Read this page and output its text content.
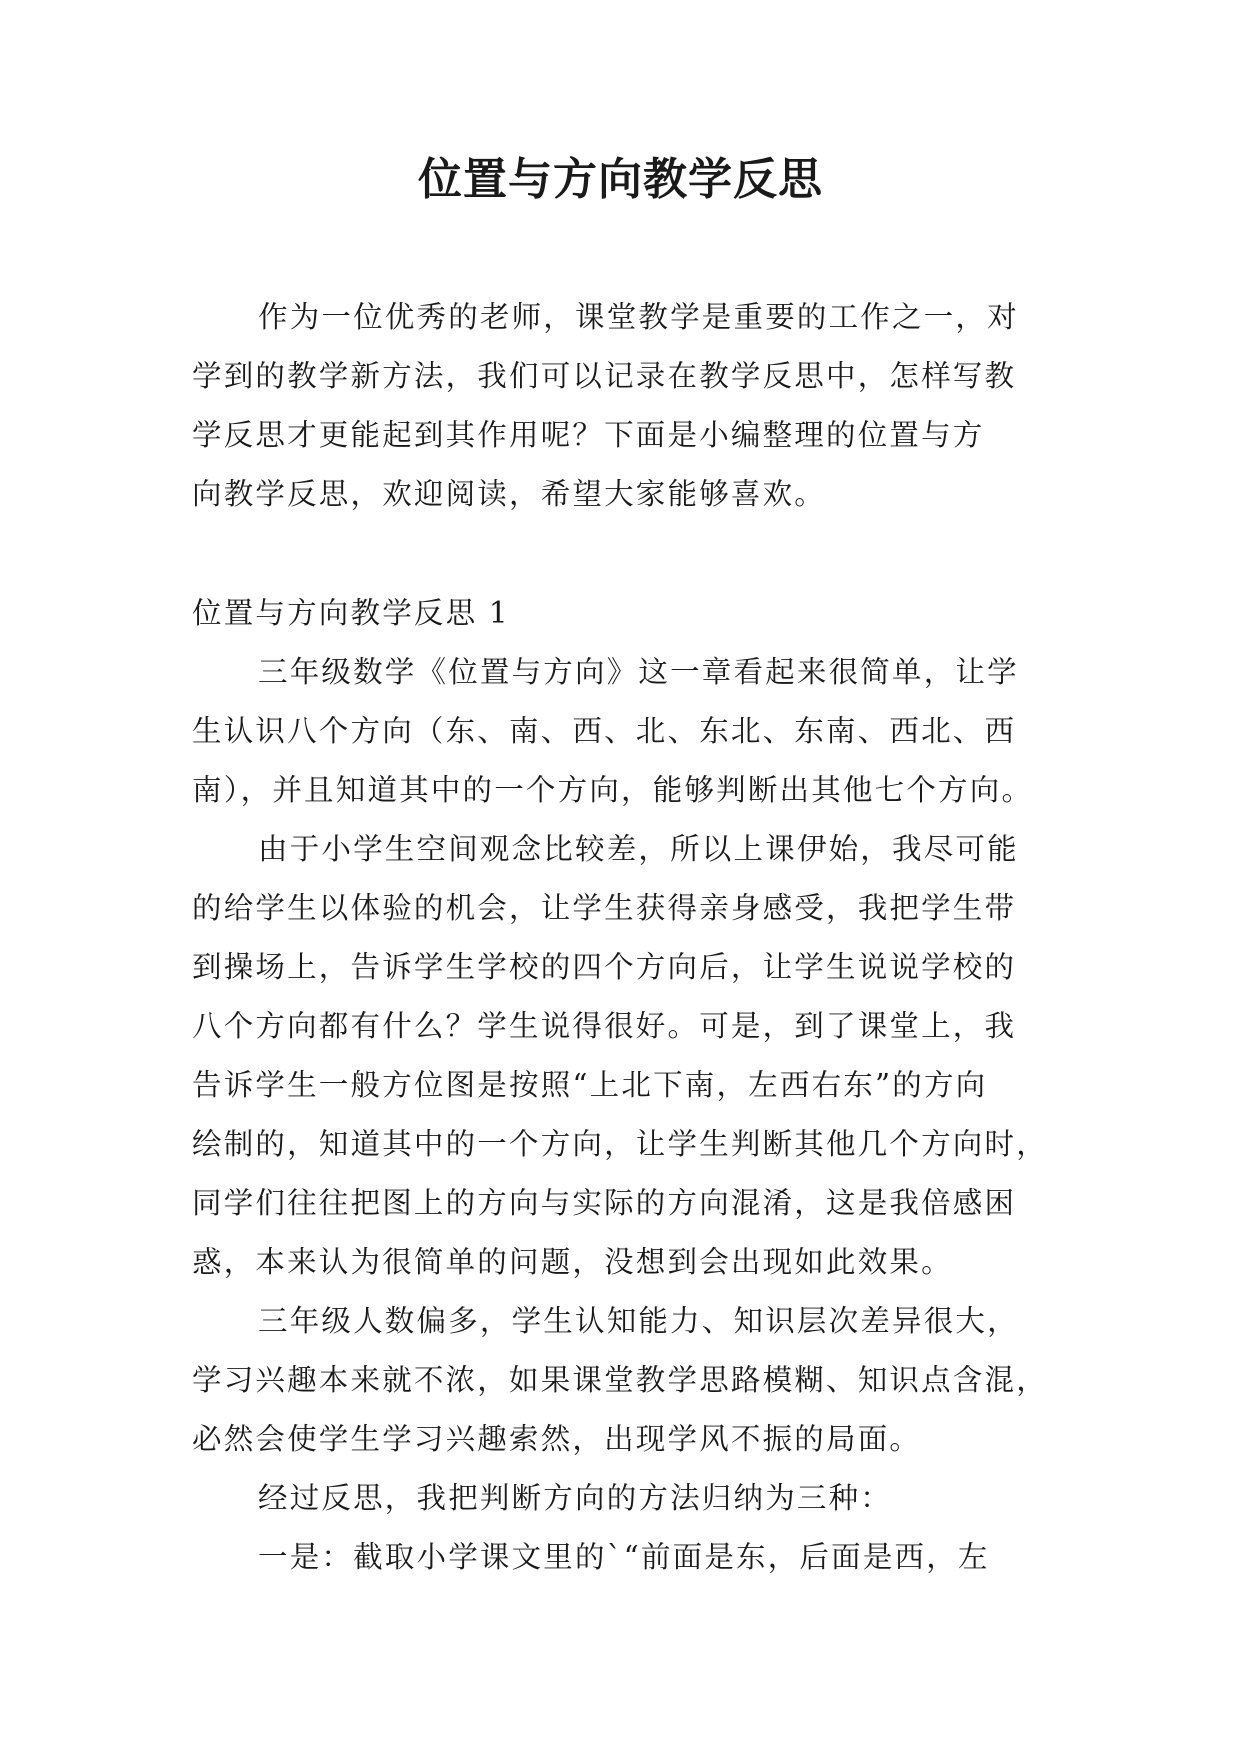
位置与方向教学反思

作为一位优秀的老师，课堂教学是重要的工作之一，对
学到的教学新方法，我们可以记录在教学反思中，怎样写教
学反思才更能起到其作用呢？下面是小编整理的位置与方
向教学反思，欢迎阅读，希望大家能够喜欢。

位置与方向教学反思 1

三年级数学《位置与方向》这一章看起来很简单，让学
生认识八个方向（东、南、西、北、东北、东南、西北、西
南），并且知道其中的一个方向，能够判断出其他七个方向。

由于小学生空间观念比较差，所以上课伊始，我尽可能
的给学生以体验的机会，让学生获得亲身感受，我把学生带
到操场上，告诉学生学校的四个方向后，让学生说说学校的
八个方向都有什么？学生说得很好。可是，到了课堂上，我
告诉学生一般方位图是按照“上北下南，左西右东”的方向
绘制的，知道其中的一个方向，让学生判断其他几个方向时，
同学们往往把图上的方向与实际的方向混淆，这是我倍感困
惑，本来认为很简单的问题，没想到会出现如此效果。

三年级人数偏多，学生认知能力、知识层次差异很大，
学习兴趣本来就不浓，如果课堂教学思路模糊、知识点含混，
必然会使学生学习兴趣索然，出现学风不振的局面。

经过反思，我把判断方向的方法归纳为三种：

一是：截取小学课文里的`“前面是东，后面是西，左
